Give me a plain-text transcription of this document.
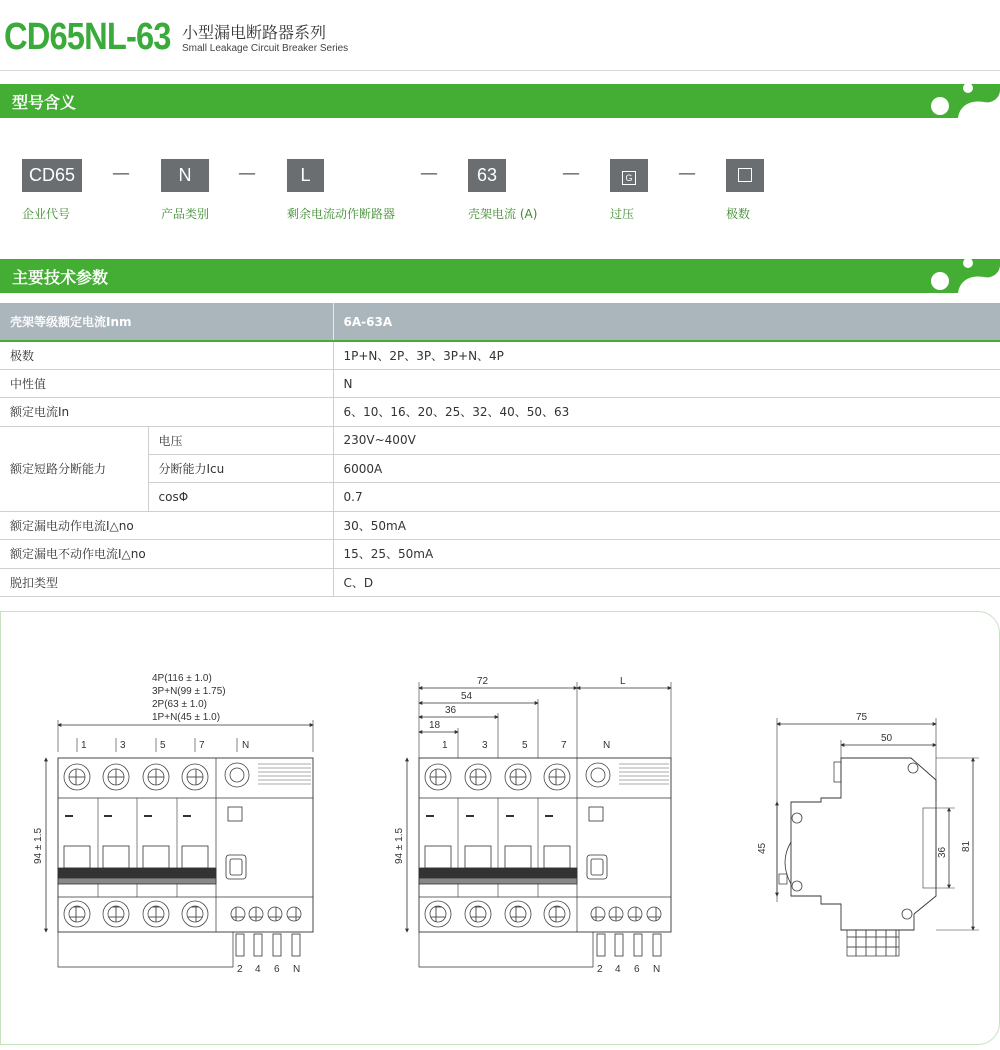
CD65NL-63 小型漏电断路器系列
Small Leakage Circuit Breaker Series
型号含义
CD65	—	N	—	L	—	63	—	G	—
企业代号	产品类别	剩余电流动作断路器	壳架电流 (A)	过压	极数
主要技术参数
壳架等级额定电流Inm		6A-63A
极数		1P+N、2P、3P、3P+N、4P
中性值		N
额定电流In		6、10、16、20、25、32、40、50、63
额定短路分断能力	电压	230V~400V
	分断能力Icu	6000A
	cosΦ	0.7
额定漏电动作电流I△no		30、50mA
额定漏电不动作电流I△no		15、25、50mA
脱扣类型		C、D
4P(116 ± 1.0)
3P+N(99 ± 1.75)
2P(63 ± 1.0)
1P+N(45 ± 1.0)
1	3	5	7	N
94 ± 1.5
2 4 6 N
72	L
54
36
18
1	3	5	7	N
94 ± 1.5
2 4 6 N
75
50
45	36
81
